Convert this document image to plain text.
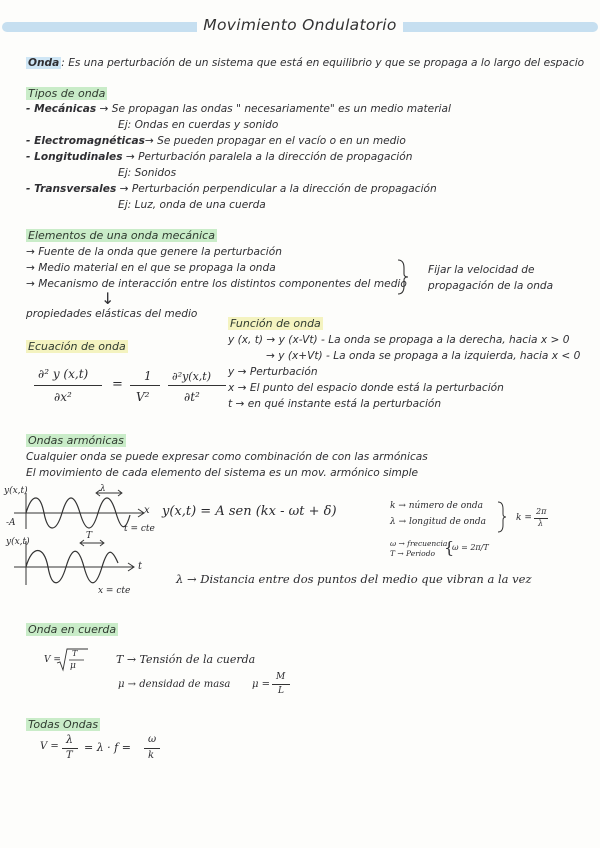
Movimiento Ondulatorio
Onda : Es una perturbación de un sistema que está en equilibrio y que se propaga a lo largo del espacio
Tipos de onda
- Mecánicas → Se propagan las ondas " necesariamente" es un medio material
Ej: Ondas en cuerdas y sonido
- Electromagnéticas→ Se pueden propagar en el vacío o en un medio
- Longitudinales → Perturbación paralela a la dirección de propagación
Ej: Sonidos
- Transversales → Perturbación perpendicular a la dirección de propagación
Ej: Luz, onda de una cuerda
Elementos de una onda mecánica
→ Fuente de la onda que genere la perturbación
→ Medio material en el que se propaga la onda
→ Mecanismo de interacción entre los distintos componentes del medio
Fijar la velocidad de
propagación de la onda
↓
propiedades elásticas del medio
Función de onda
y (x, t) → y (x-Vt) - La onda se propaga a la derecha, hacia x > 0
→ y (x+Vt) - La onda se propaga a la izquierda, hacia x < 0
y → Perturbación
x → El punto del espacio donde está la perturbación
t → en qué instante está la perturbación
Ecuación de onda
∂² y (x,t)
∂x²
=
1
V²
∂²y(x,t)
∂t²
Ondas armónicas
Cualquier onda se puede expresar como combinación de con las armónicas
El movimiento de cada elemento del sistema es un mov. armónico simple
y(x,t)
-A
λ
x
t = cte
y(x,t)
T
t
x = cte
y(x,t) = A sen (kx - ωt + δ)	k → número de onda
λ → longitud de onda	k =
2π
λ
ω → frecuencia
T → Periodo {
ω = 2π/T
λ → Distancia entre dos puntos del medio que vibran a la vez
Onda en cuerda
V =
T
μ	T → Tensión de la cuerda
μ → densidad de masa μ =
M
L
Todas Ondas
V =
λ
T
= λ · f =
ω
k
